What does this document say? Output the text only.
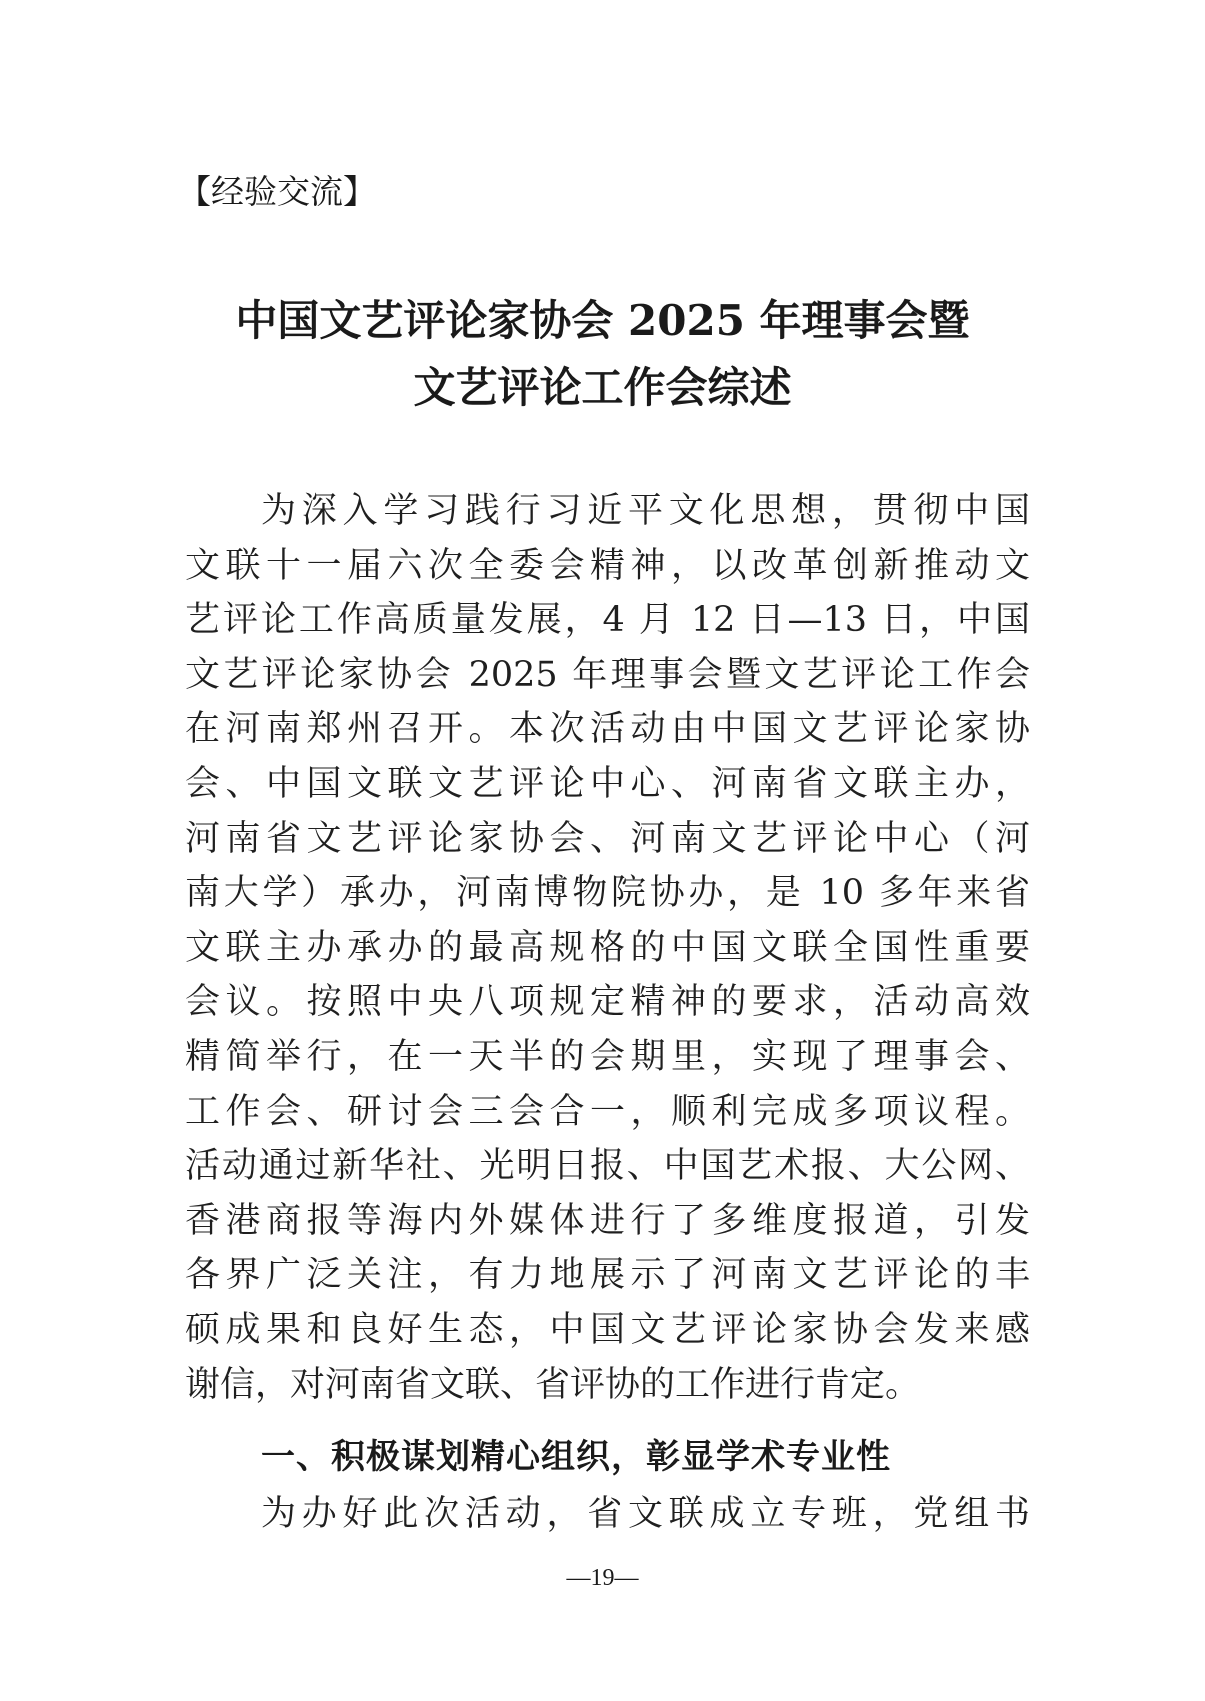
【经验交流】
中国文艺评论家协会 2025 年理事会暨
文艺评论工作会综述
为深入学习践行习近平文化思想，贯彻中国
文联十一届六次全委会精神，以改革创新推动文
艺评论工作高质量发展，4 月 12 日—13 日，中国
文艺评论家协会 2025 年理事会暨文艺评论工作会
在河南郑州召开。本次活动由中国文艺评论家协
会、中国文联文艺评论中心、河南省文联主办，
河南省文艺评论家协会、河南文艺评论中心（河
南大学）承办，河南博物院协办，是 10 多年来省
文联主办承办的最高规格的中国文联全国性重要
会议。按照中央八项规定精神的要求，活动高效
精简举行，在一天半的会期里，实现了理事会、
工作会、研讨会三会合一，顺利完成多项议程。
活动通过新华社、光明日报、中国艺术报、大公网、
香港商报等海内外媒体进行了多维度报道，引发
各界广泛关注，有力地展示了河南文艺评论的丰
硕成果和良好生态，中国文艺评论家协会发来感
谢信，对河南省文联、省评协的工作进行肯定。
一、积极谋划精心组织，彰显学术专业性
为办好此次活动，省文联成立专班，党组书
—19—
